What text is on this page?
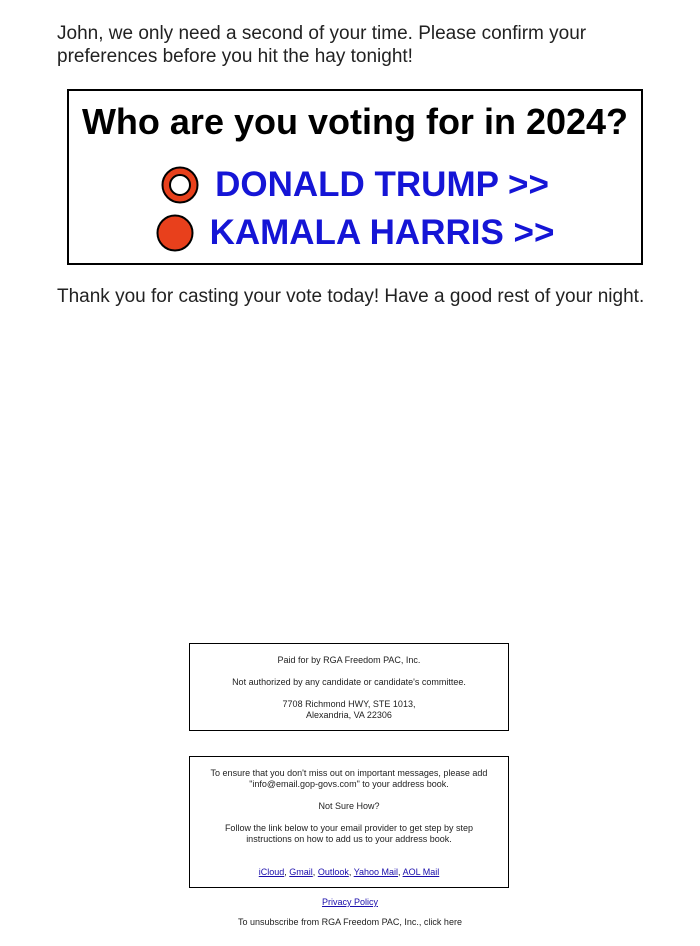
John, we only need a second of your time. Please confirm your preferences before you hit the hay tonight!

Who are you voting for in 2024?

DONALD TRUMP >>
KAMALA HARRIS >>

Thank you for casting your vote today! Have a good rest of your night.

Paid for by RGA Freedom PAC, Inc.

Not authorized by any candidate or candidate's committee.

7708 Richmond HWY, STE 1013,
Alexandria, VA 22306

To ensure that you don't miss out on important messages, please add "info@email.gop-govs.com" to your address book.

Not Sure How?

Follow the link below to your email provider to get step by step instructions on how to add us to your address book.

iCloud, Gmail, Outlook, Yahoo Mail, AOL Mail

Privacy Policy
To unsubscribe from RGA Freedom PAC, Inc., click here
